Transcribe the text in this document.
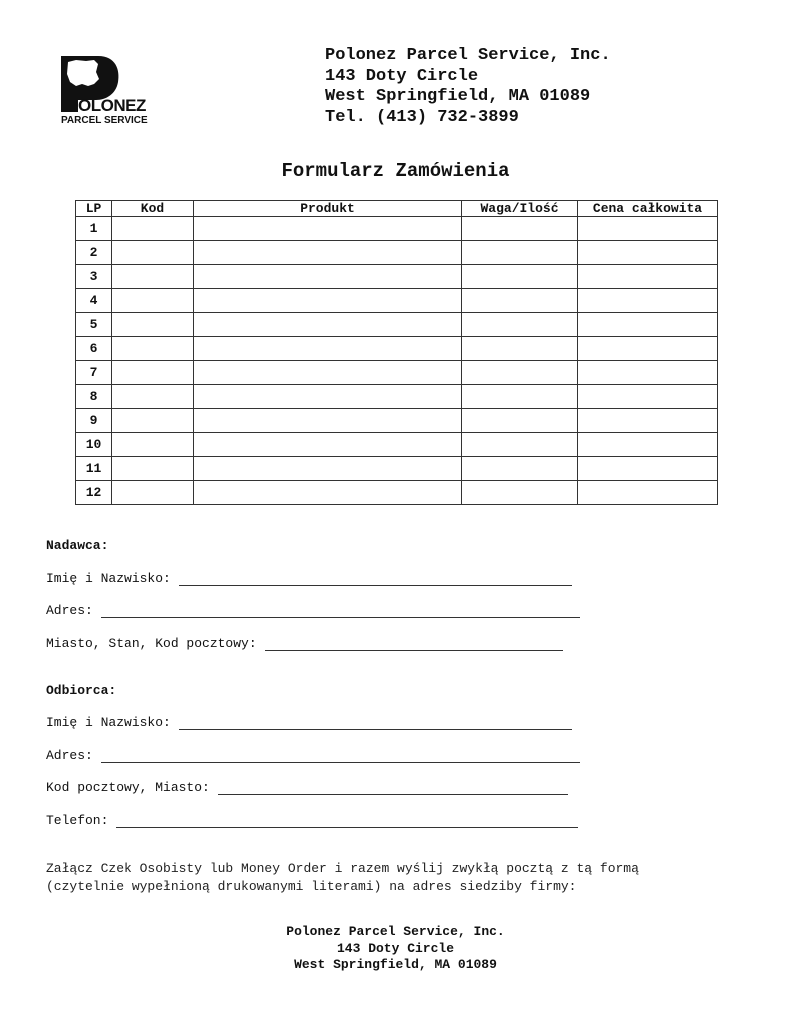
OLONEZ
PARCEL SERVICE
Polonez Parcel Service, Inc.
143 Doty Circle
West Springfield, MA 01089
Tel. (413) 732-3899
Formularz Zamówienia
LP	Kod	Produkt	Waga/Ilość	Cena całkowita
1				
2				
3				
4				
5				
6				
7				
8				
9				
10				
11				
12				
Nadawca:
Imię i Nazwisko:
Adres:
Miasto, Stan, Kod pocztowy:
Odbiorca:
Imię i Nazwisko:
Adres:
Kod pocztowy, Miasto:
Telefon:
Załącz Czek Osobisty lub Money Order i razem wyślij zwykłą pocztą z tą formą
(czytelnie wypełnioną drukowanymi literami) na adres siedziby firmy:
Polonez Parcel Service, Inc.
143 Doty Circle
West Springfield, MA 01089
